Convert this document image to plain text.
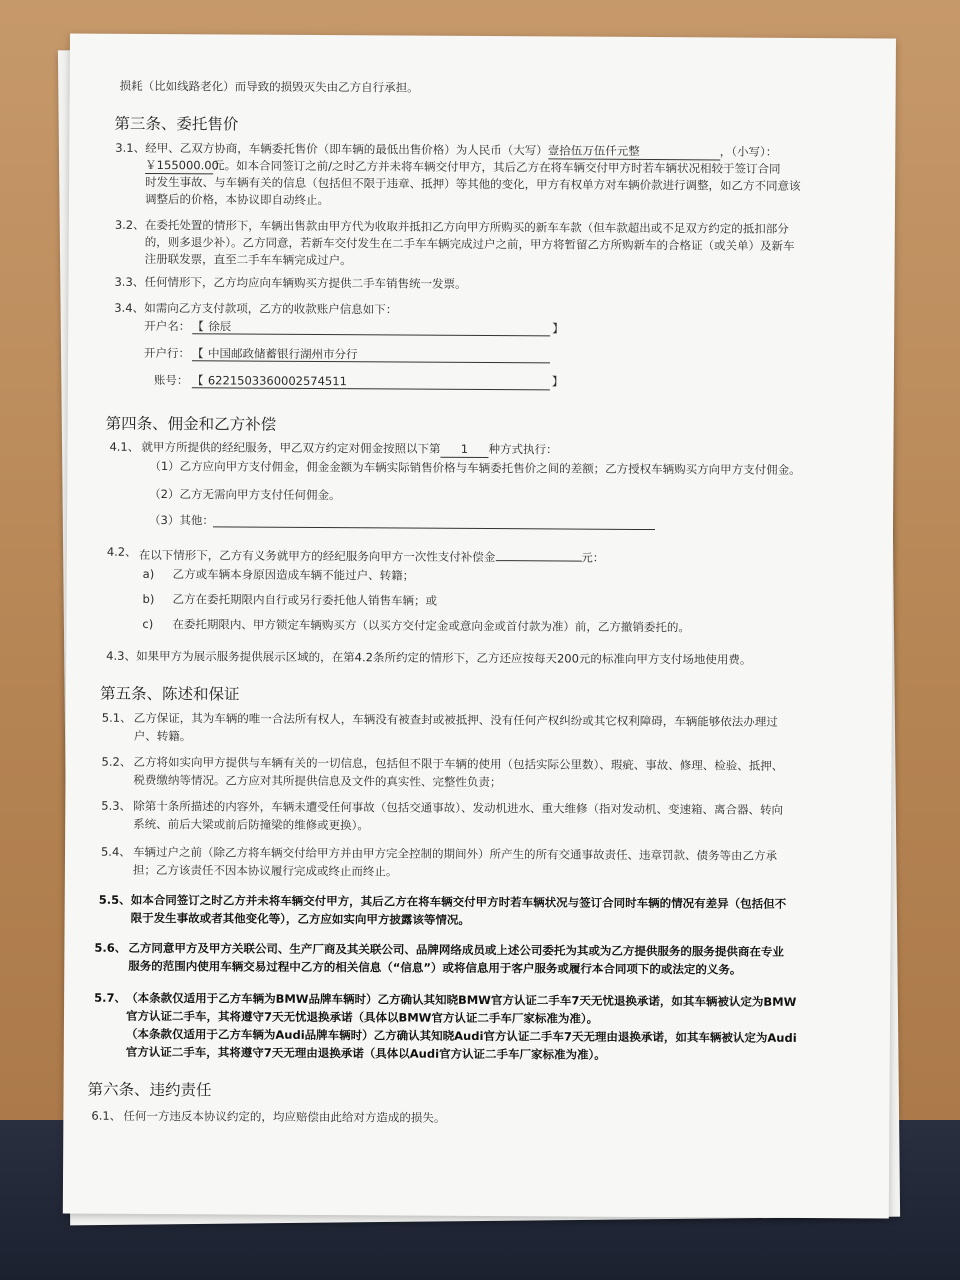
损耗（比如线路老化）而导致的损毁灭失由乙方自行承担。
第三条、委托售价
3.1、 经甲、乙双方协商，车辆委托售价（即车辆的最低出售价格）为人民币（大写）壹拾伍万伍仟元整	，（小写）：
￥155000.00元。如本合同签订之前/之时乙方并未将车辆交付甲方，其后乙方在将车辆交付甲方时若车辆状况相较于签订合同
时发生事故、与车辆有关的信息（包括但不限于违章、抵押）等其他的变化，甲方有权单方对车辆价款进行调整，如乙方不同意该
调整后的价格，本协议即自动终止。
3.2、 在委托处置的情形下，车辆出售款由甲方代为收取并抵扣乙方向甲方所购买的新车车款（但车款超出或不足双方约定的抵扣部分
的，则多退少补）。乙方同意，若新车交付发生在二手车车辆完成过户之前，甲方将暂留乙方所购新车的合格证（或关单）及新车
注册联发票，直至二手车车辆完成过户。
3.3、 任何情形下，乙方均应向车辆购买方提供二手车销售统一发票。
3.4、 如需向乙方支付款项，乙方的收款账户信息如下：
开户名： 【 徐辰	】
开户行： 【 中国邮政储蓄银行湖州市分行
账号： 【 6221503360002574511	】
第四条、佣金和乙方补偿
4.1、 就甲方所提供的经纪服务，甲乙双方约定对佣金按照以下第 1 种方式执行：
（1）乙方应向甲方支付佣金，佣金金额为车辆实际销售价格与车辆委托售价之间的差额；乙方授权车辆购买方向甲方支付佣金。
（2）乙方无需向甲方支付任何佣金。
（3）其他：
4.2、 在以下情形下，乙方有义务就甲方的经纪服务向甲方一次性支付补偿金	元：
a) 乙方或车辆本身原因造成车辆不能过户、转籍；
b) 乙方在委托期限内自行或另行委托他人销售车辆；或
c) 在委托期限内、甲方锁定车辆购买方（以买方交付定金或意向金或首付款为准）前，乙方撤销委托的。
4.3、 如果甲方为展示服务提供展示区域的，在第4.2条所约定的情形下，乙方还应按每天200元的标准向甲方支付场地使用费。
第五条、陈述和保证
5.1、 乙方保证，其为车辆的唯一合法所有权人，车辆没有被查封或被抵押、没有任何产权纠纷或其它权利障碍，车辆能够依法办理过
户、转籍。
5.2、 乙方将如实向甲方提供与车辆有关的一切信息，包括但不限于车辆的使用（包括实际公里数）、瑕疵、事故、修理、检验、抵押、
税费缴纳等情况。乙方应对其所提供信息及文件的真实性、完整性负责；
5.3、 除第十条所描述的内容外，车辆未遭受任何事故（包括交通事故）、发动机进水、重大维修（指对发动机、变速箱、离合器、转向
系统、前后大梁或前后防撞梁的维修或更换）。
5.4、 车辆过户之前（除乙方将车辆交付给甲方并由甲方完全控制的期间外）所产生的所有交通事故责任、违章罚款、债务等由乙方承
担；乙方该责任不因本协议履行完成或终止而终止。
5.5、 如本合同签订之时乙方并未将车辆交付甲方，其后乙方在将车辆交付甲方时若车辆状况与签订合同时车辆的情况有差异（包括但不
限于发生事故或者其他变化等），乙方应如实向甲方披露该等情况。
5.6、 乙方同意甲方及甲方关联公司、生产厂商及其关联公司、品牌网络成员或上述公司委托为其或为乙方提供服务的服务提供商在专业
服务的范围内使用车辆交易过程中乙方的相关信息（“信息”）或将信息用于客户服务或履行本合同项下的或法定的义务。
5.7、 （本条款仅适用于乙方车辆为BMW品牌车辆时）乙方确认其知晓BMW官方认证二手车7天无忧退换承诺，如其车辆被认定为BMW
官方认证二手车，其将遵守7天无忧退换承诺（具体以BMW官方认证二手车厂家标准为准）。
（本条款仅适用于乙方车辆为Audi品牌车辆时）乙方确认其知晓Audi官方认证二手车7天无理由退换承诺，如其车辆被认定为Audi
官方认证二手车，其将遵守7天无理由退换承诺（具体以Audi官方认证二手车厂家标准为准）。
第六条、违约责任
6.1、 任何一方违反本协议约定的，均应赔偿由此给对方造成的损失。
